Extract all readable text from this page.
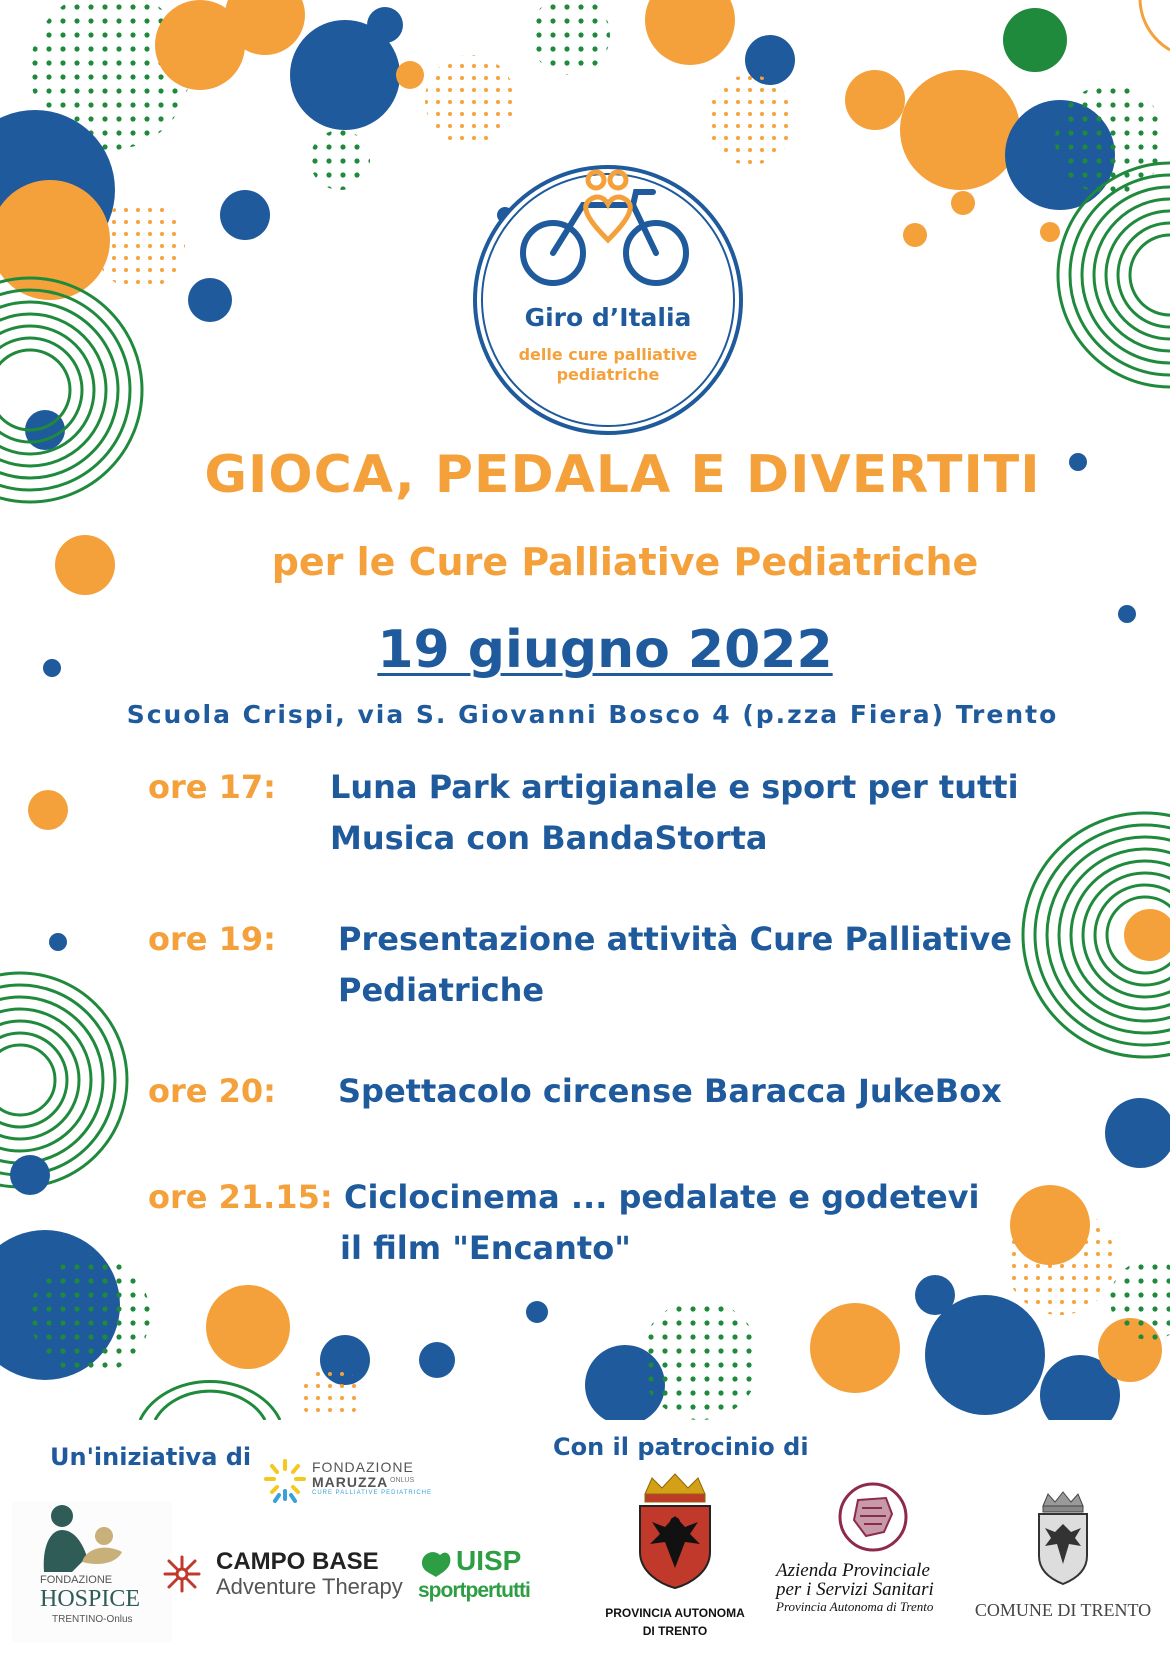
Giro d’Italia
delle cure palliative
pediatriche
GIOCA, PEDALA E DIVERTITI
per le Cure Palliative Pediatriche
19 giugno 2022
Scuola Crispi, via S. Giovanni Bosco 4 (p.zza Fiera) Trento
ore 17: Luna Park artigianale e sport per tutti
Musica con BandaStorta
ore 19: Presentazione attività Cure Palliative
Pediatriche
ore 20: Spettacolo circense Baracca JukeBox
ore 21.15: Ciclocinema ... pedalate e godetevi
il film "Encanto"
Un'iniziativa di	Con il patrocinio di
FONDAZIONE
MARUZZA ONLUS
CURE PALLIATIVE PEDIATRICHE
FONDAZIONE
HOSPICE
TRENTINO-Onlus
CAMPO BASE
Adventure Therapy
UISP
sportpertutti
PROVINCIA AUTONOMA
DI TRENTO
Azienda Provinciale
per i Servizi Sanitari
Provincia Autonoma di Trento	COMUNE DI TRENTO
